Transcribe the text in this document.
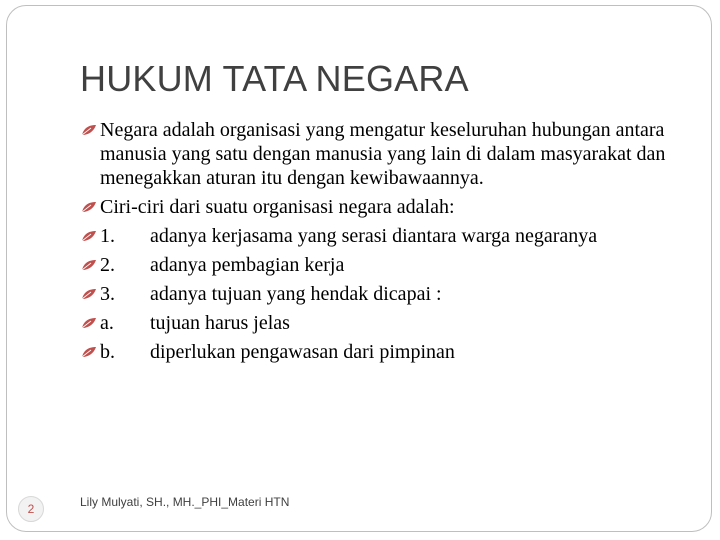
HUKUM TATA NEGARA
Negara adalah organisasi yang mengatur keseluruhan hubungan antara manusia yang satu dengan manusia yang lain di dalam masyarakat dan menegakkan aturan itu dengan kewibawaannya.
Ciri-ciri dari suatu organisasi negara adalah:
1. adanya kerjasama yang serasi diantara warga negaranya
2. adanya pembagian kerja
3. adanya tujuan yang hendak dicapai :
a. tujuan harus jelas
b. diperlukan pengawasan dari pimpinan
2	Lily Mulyati, SH., MH._PHI_Materi HTN
